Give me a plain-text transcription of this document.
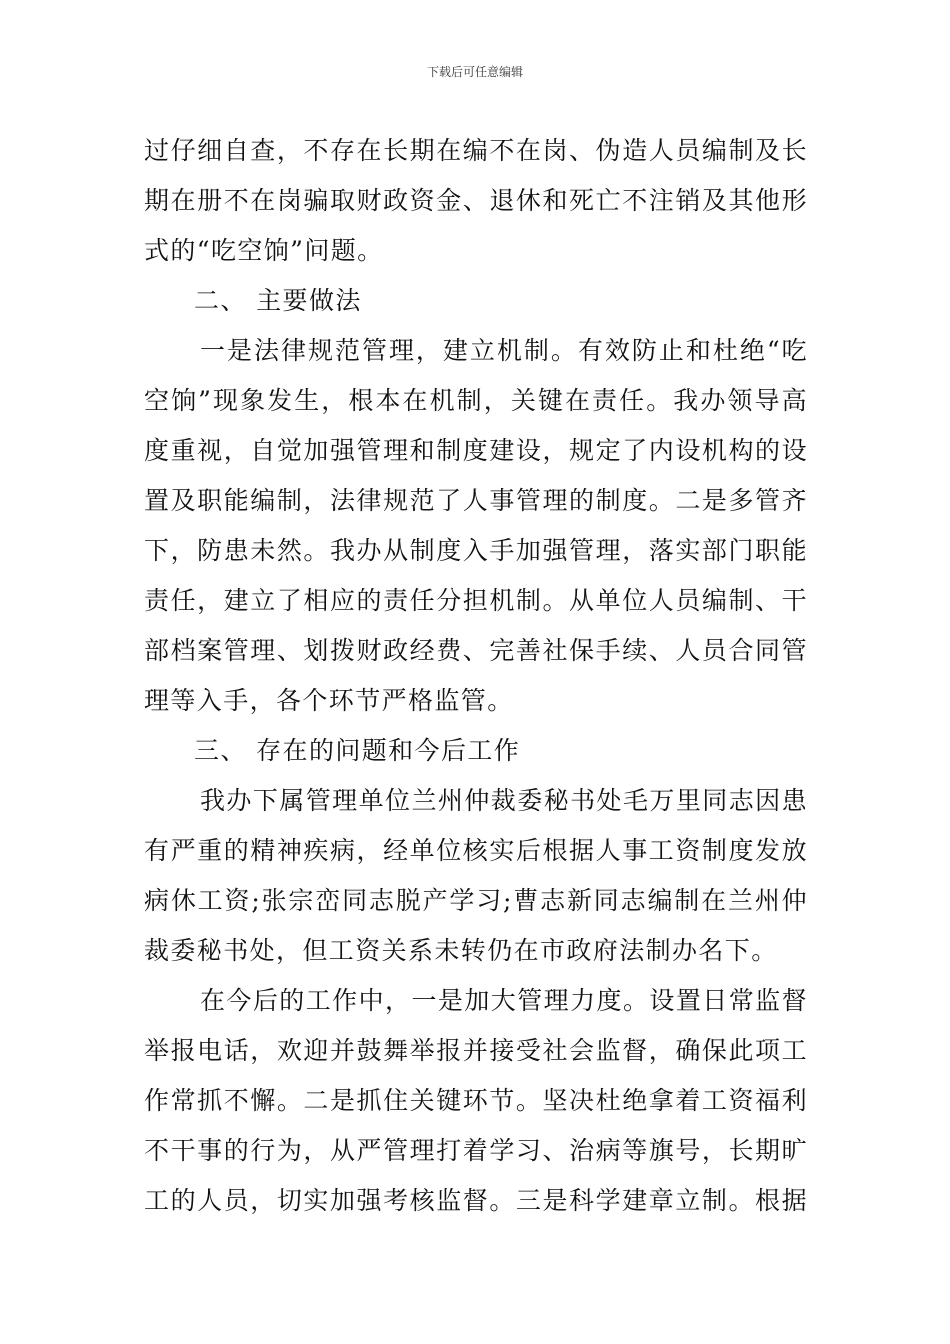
下载后可任意编辑
过仔细自查，不存在长期在编不在岗、伪造人员编制及长
期在册不在岗骗取财政资金、退休和死亡不注销及其他形
式的“吃空饷”问题。
二、 主要做法
一是法律规范管理，建立机制。有效防止和杜绝“吃
空饷”现象发生，根本在机制，关键在责任。我办领导高
度重视，自觉加强管理和制度建设，规定了内设机构的设
置及职能编制，法律规范了人事管理的制度。二是多管齐
下，防患未然。我办从制度入手加强管理，落实部门职能
责任，建立了相应的责任分担机制。从单位人员编制、干
部档案管理、划拨财政经费、完善社保手续、人员合同管
理等入手，各个环节严格监管。
三、 存在的问题和今后工作
我办下属管理单位兰州仲裁委秘书处毛万里同志因患
有严重的精神疾病，经单位核实后根据人事工资制度发放
病休工资;张宗峦同志脱产学习;曹志新同志编制在兰州仲
裁委秘书处，但工资关系未转仍在市政府法制办名下。
在今后的工作中，一是加大管理力度。设置日常监督
举报电话，欢迎并鼓舞举报并接受社会监督，确保此项工
作常抓不懈。二是抓住关键环节。坚决杜绝拿着工资福利
不干事的行为，从严管理打着学习、治病等旗号，长期旷
工的人员，切实加强考核监督。三是科学建章立制。根据
